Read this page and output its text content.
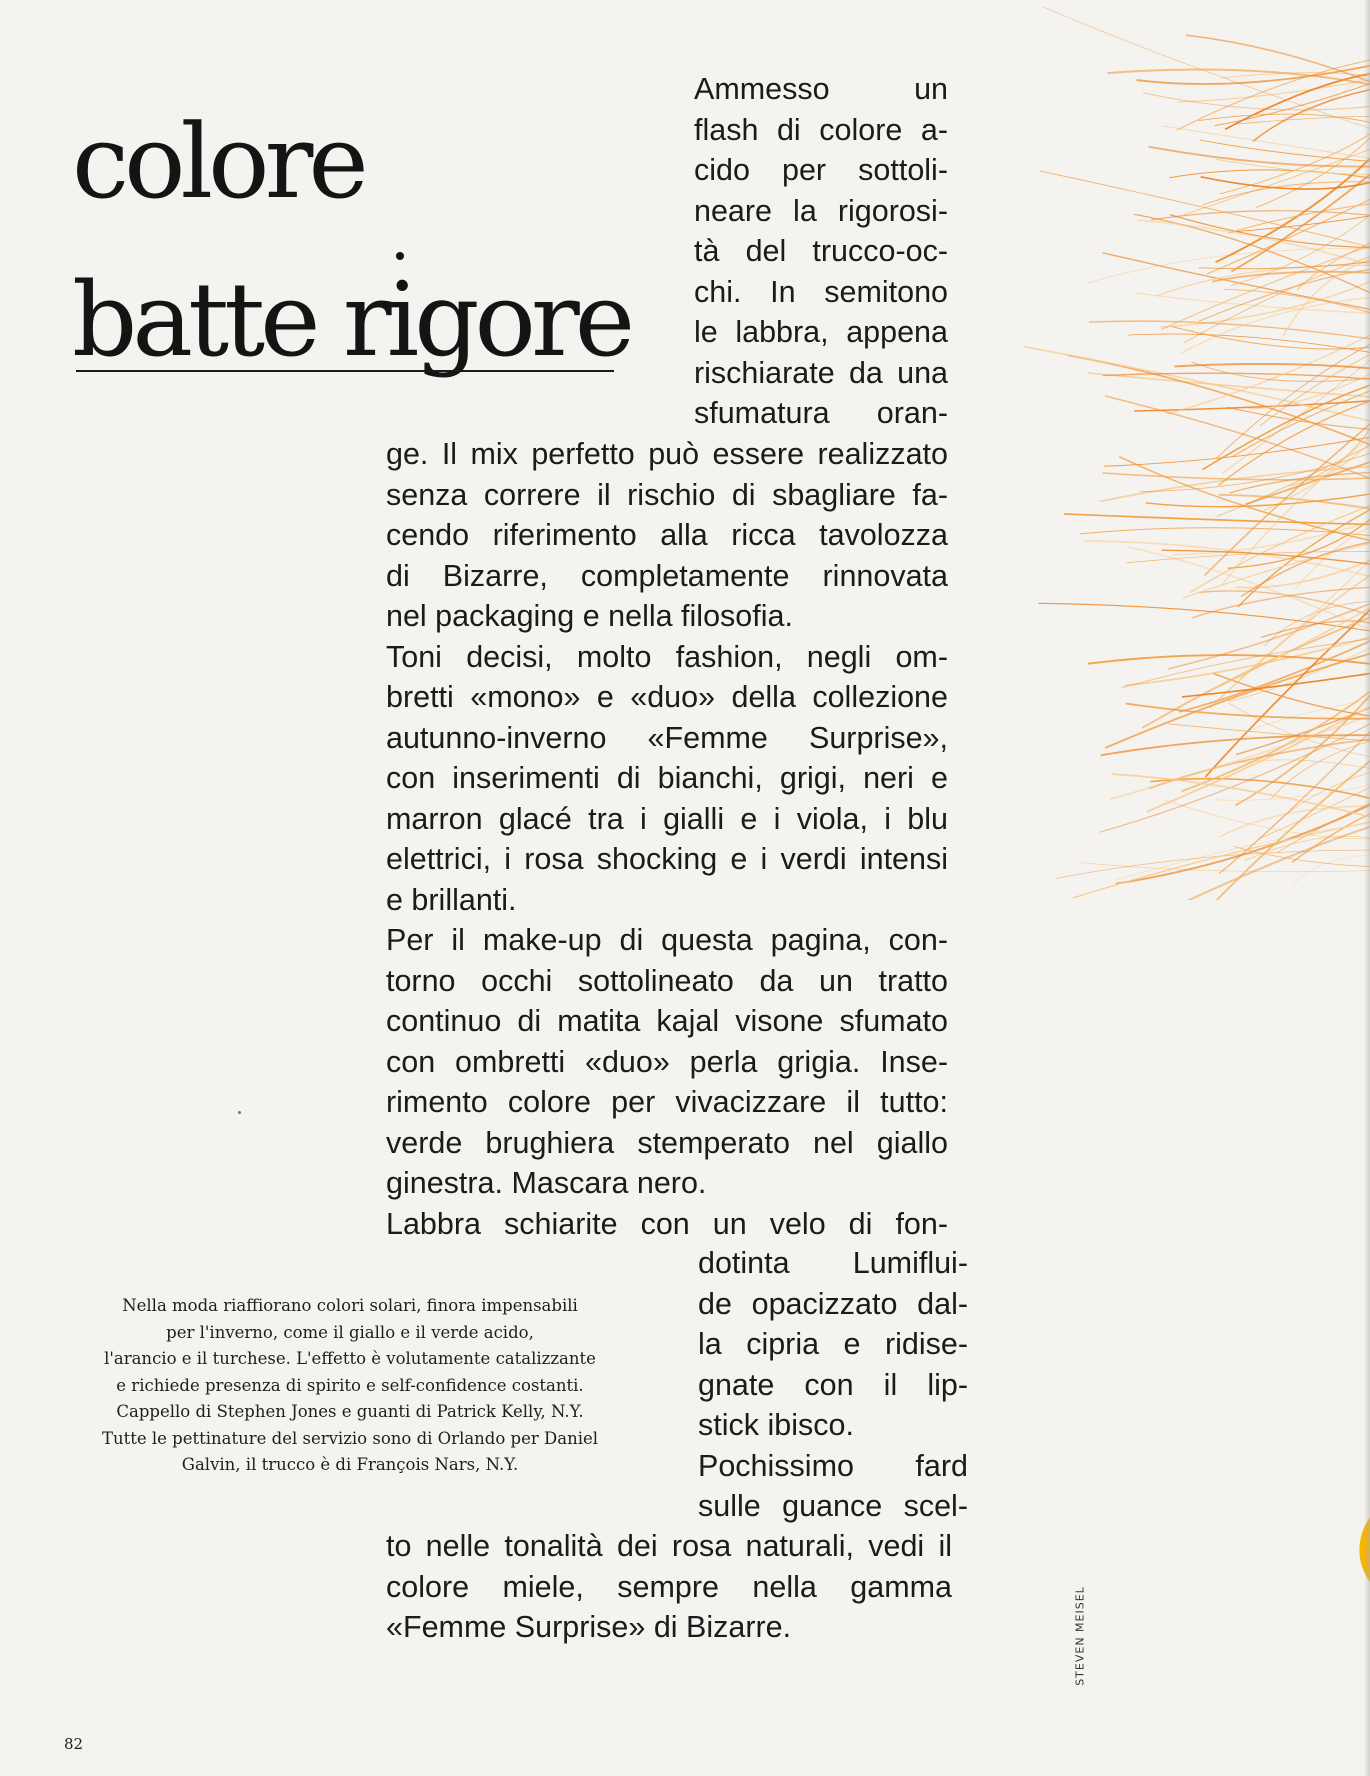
colore
batte rigore
Ammesso un
flash di colore a-
cido per sottoli-
neare la rigorosi-
tà del trucco-oc-
chi. In semitono
le labbra, appena
rischiarate da una
sfumatura oran-
ge. Il mix perfetto può essere realizzato
senza correre il rischio di sbagliare fa-
cendo riferimento alla ricca tavolozza
di Bizarre, completamente rinnovata
nel packaging e nella filosofia.
Toni decisi, molto fashion, negli om-
bretti «mono» e «duo» della collezione
autunno-inverno «Femme Surprise»,
con inserimenti di bianchi, grigi, neri e
marron glacé tra i gialli e i viola, i blu
elettrici, i rosa shocking e i verdi intensi
e brillanti.
Per il make-up di questa pagina, con-
torno occhi sottolineato da un tratto
continuo di matita kajal visone sfumato
con ombretti «duo» perla grigia. Inse-
rimento colore per vivacizzare il tutto:
verde brughiera stemperato nel giallo
ginestra. Mascara nero.
Labbra schiarite con un velo di fon-
dotinta Lumiflui-
de opacizzato dal-
la cipria e ridise-
gnate con il lip-
stick ibisco.
Pochissimo fard
sulle guance scel-
to nelle tonalità dei rosa naturali, vedi il
colore miele, sempre nella gamma
«Femme Surprise» di Bizarre.
Nella moda riaffiorano colori solari, finora impensabili
per l'inverno, come il giallo e il verde acido,
l'arancio e il turchese. L'effetto è volutamente catalizzante
e richiede presenza di spirito e self-confidence costanti.
Cappello di Stephen Jones e guanti di Patrick Kelly, N.Y.
Tutte le pettinature del servizio sono di Orlando per Daniel
Galvin, il trucco è di François Nars, N.Y.
STEVEN MEISEL
82
